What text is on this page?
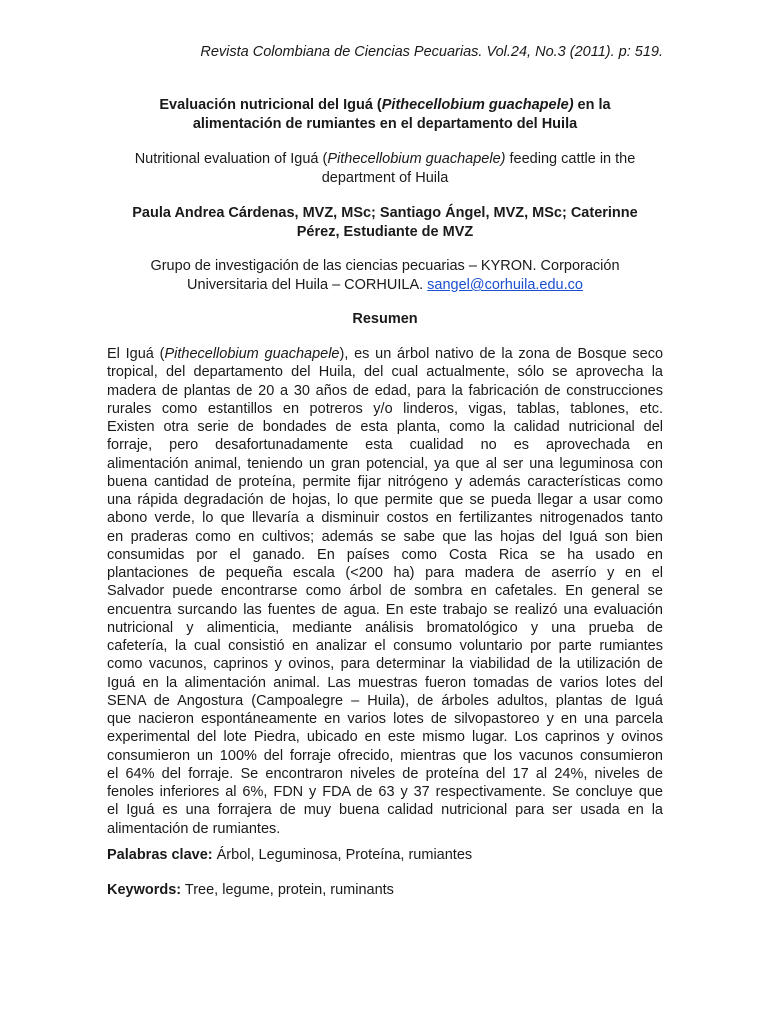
Revista Colombiana de Ciencias Pecuarias. Vol.24, No.3 (2011). p: 519.
Evaluación nutricional del Iguá (Pithecellobium guachapele) en la
alimentación de rumiantes en el departamento del Huila
Nutritional evaluation of Iguá (Pithecellobium guachapele) feeding cattle in the
department of Huila
Paula Andrea Cárdenas, MVZ, MSc; Santiago Ángel, MVZ, MSc; Caterinne
Pérez, Estudiante de MVZ
Grupo de investigación de las ciencias pecuarias – KYRON. Corporación
Universitaria del Huila – CORHUILA. sangel@corhuila.edu.co
Resumen
El Iguá (Pithecellobium guachapele), es un árbol nativo de la zona de Bosque seco
tropical, del departamento del Huila, del cual actualmente, sólo se aprovecha la
madera de plantas de 20 a 30 años de edad, para la fabricación de construcciones
rurales como estantillos en potreros y/o linderos, vigas, tablas, tablones, etc.
Existen otra serie de bondades de esta planta, como la calidad nutricional del
forraje, pero desafortunadamente esta cualidad no es aprovechada en
alimentación animal, teniendo un gran potencial, ya que al ser una leguminosa con
buena cantidad de proteína, permite fijar nitrógeno y además características como
una rápida degradación de hojas, lo que permite que se pueda llegar a usar como
abono verde, lo que llevaría a disminuir costos en fertilizantes nitrogenados tanto
en praderas como en cultivos; además se sabe que las hojas del Iguá son bien
consumidas por el ganado. En países como Costa Rica se ha usado en
plantaciones de pequeña escala (<200 ha) para madera de aserrío y en el
Salvador puede encontrarse como árbol de sombra en cafetales. En general se
encuentra surcando las fuentes de agua. En este trabajo se realizó una evaluación
nutricional y alimenticia, mediante análisis bromatológico y una prueba de
cafetería, la cual consistió en analizar el consumo voluntario por parte rumiantes
como vacunos, caprinos y ovinos, para determinar la viabilidad de la utilización de
Iguá en la alimentación animal. Las muestras fueron tomadas de varios lotes del
SENA de Angostura (Campoalegre – Huila), de árboles adultos, plantas de Iguá
que nacieron espontáneamente en varios lotes de silvopastoreo y en una parcela
experimental del lote Piedra, ubicado en este mismo lugar. Los caprinos y ovinos
consumieron un 100% del forraje ofrecido, mientras que los vacunos consumieron
el 64% del forraje. Se encontraron niveles de proteína del 17 al 24%, niveles de
fenoles inferiores al 6%, FDN y FDA de 63 y 37 respectivamente. Se concluye que
el Iguá es una forrajera de muy buena calidad nutricional para ser usada en la
alimentación de rumiantes.
Palabras clave: Árbol, Leguminosa, Proteína, rumiantes
Keywords: Tree, legume, protein, ruminants
